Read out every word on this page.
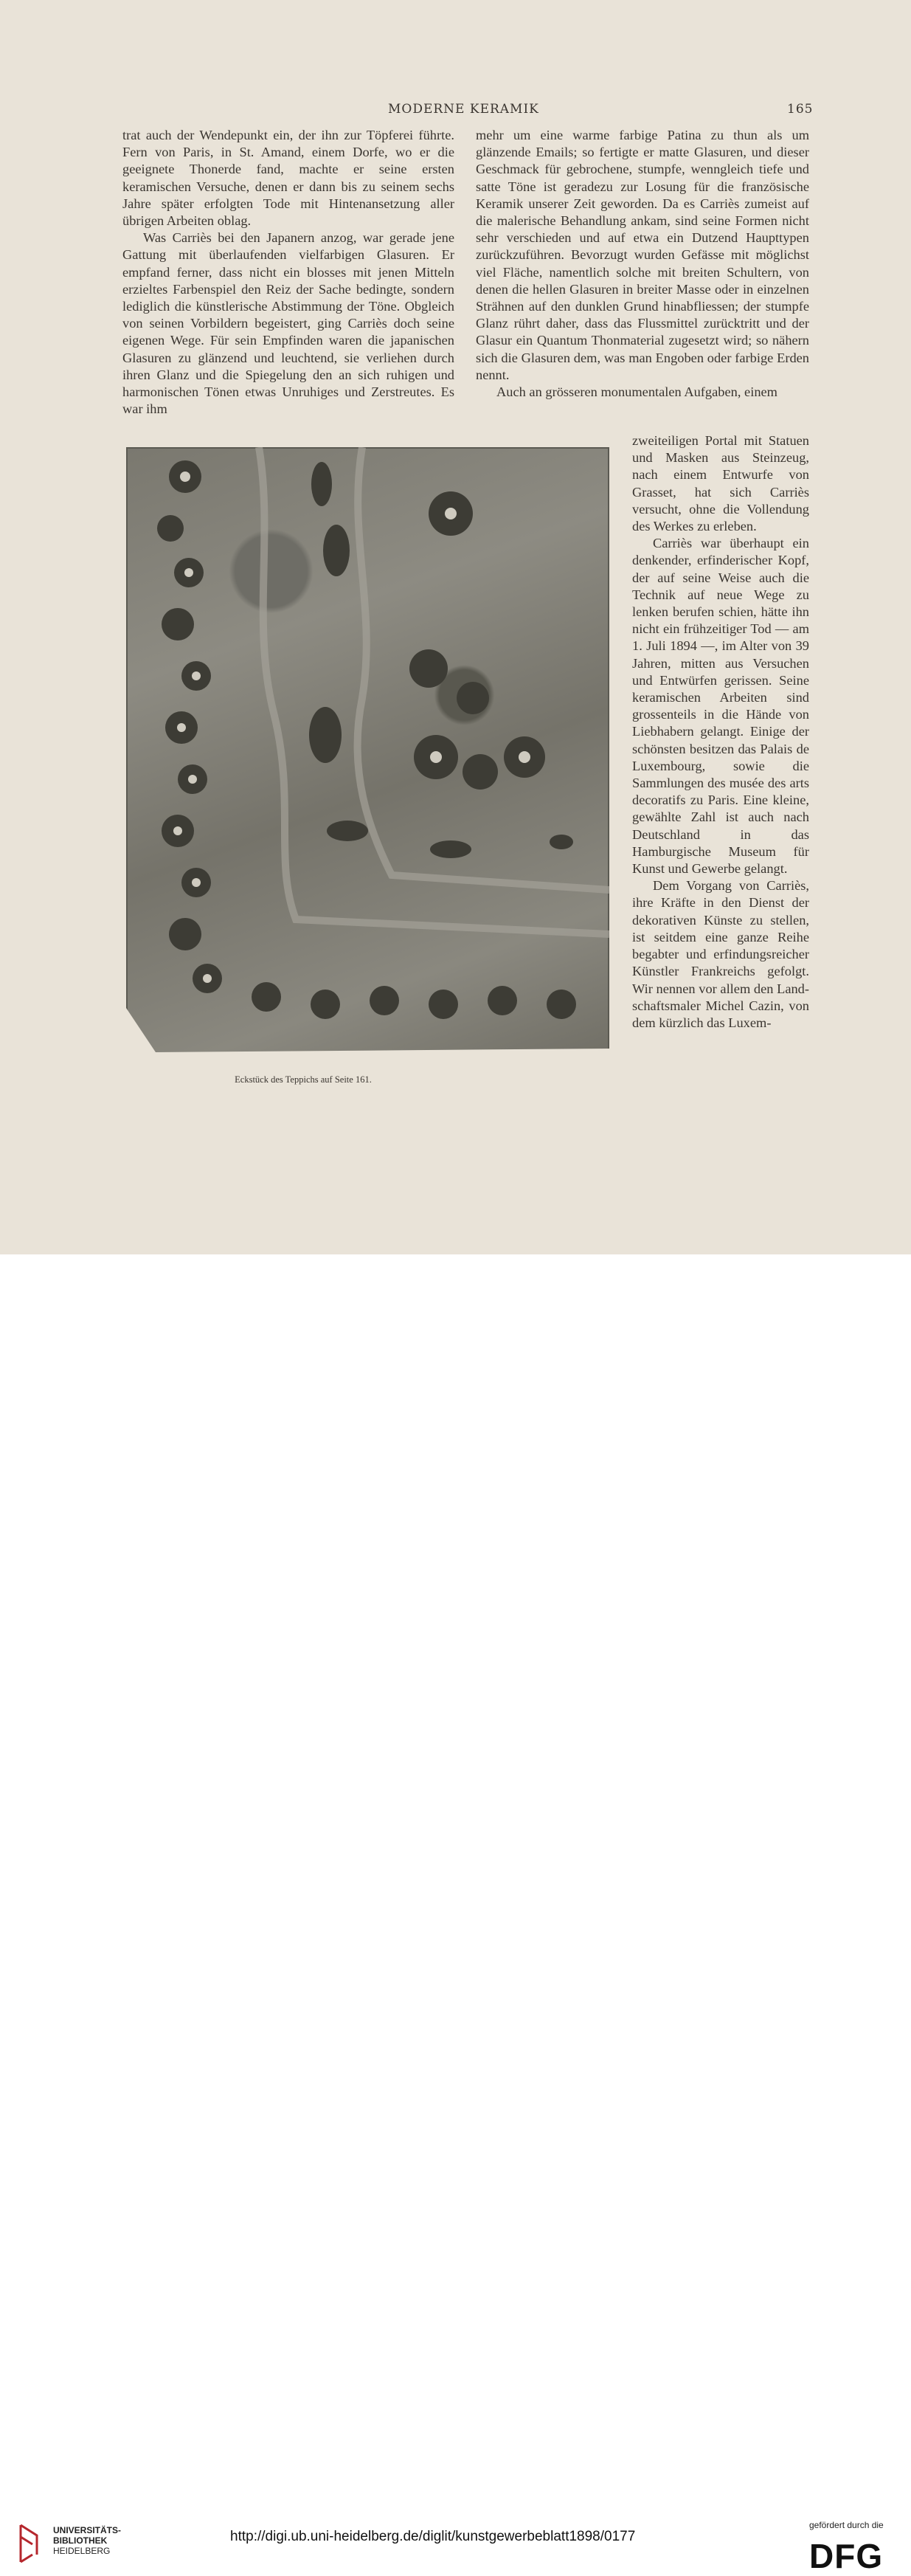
MODERNE KERAMIK	165

trat auch der Wendepunkt ein, der ihn zur Töpferei führte. Fern von Paris, in St. Amand, einem Dorfe, wo er die geeignete Thonerde fand, machte er seine ersten keramischen Versuche, denen er dann bis zu seinem sechs Jahre später erfolgten Tode mit Hintenansetzung aller übrigen Arbeiten oblag.

Was Carriès bei den Japanern anzog, war gerade jene Gattung mit überlaufenden vielfarbigen Glasuren. Er empfand ferner, dass nicht ein blosses mit jenen Mitteln erzieltes Farbenspiel den Reiz der Sache bedingte, sondern lediglich die künstlerische Abstimmung der Töne. Obgleich von seinen Vorbildern begeistert, ging Carriès doch seine eigenen Wege. Für sein Empfinden waren die japanischen Glasuren zu glänzend und leuchtend, sie verliehen durch ihren Glanz und die Spiegelung den an sich ruhigen und harmonischen Tönen etwas Unruhiges und Zerstreutes. Es war ihm

mehr um eine warme farbige Patina zu thun als um glänzende Emails; so fertigte er matte Glasuren, und dieser Geschmack für gebrochene, stumpfe, wenngleich tiefe und satte Töne ist geradezu zur Losung für die französische Keramik unserer Zeit geworden. Da es Carriès zumeist auf die malerische Behandlung ankam, sind seine Formen nicht sehr verschieden und auf etwa ein Dutzend Haupttypen zurückzuführen. Bevorzugt wurden Gefässe mit möglichst viel Fläche, namentlich solche mit breiten Schultern, von denen die hellen Glasuren in breiter Masse oder in einzelnen Strähnen auf den dunklen Grund hinabfliessen; der stumpfe Glanz rührt daher, dass das Flussmittel zurücktritt und der Glasur ein Quantum Thonmaterial zugesetzt wird; so nähern sich die Glasuren dem, was man Engoben oder farbige Erden nennt.

Auch an grösseren monumentalen Aufgaben, einem

zweiteiligen Portal mit Statuen und Masken aus Steinzeug, nach einem Entwurfe von Grasset, hat sich Carriès versucht, ohne die Vollendung des Werkes zu erleben.

Carriès war überhaupt ein denkender, erfinderischer Kopf, der auf seine Weise auch die Technik auf neue Wege zu lenken berufen schien, hätte ihn nicht ein frühzeitiger Tod — am 1. Juli 1894 —, im Alter von 39 Jahren, mitten aus Versuchen und Entwürfen gerissen. Seine keramischen Arbeiten sind grossenteils in die Hände von Liebhabern gelangt. Einige der schönsten besitzen das Palais de Luxembourg, sowie die Sammlungen des musée des arts decoratifs zu Paris. Eine kleine, gewählte Zahl ist auch nach Deutschland in das Hamburgische Museum für Kunst und Gewerbe gelangt.

Dem Vorgang von Carriès, ihre Kräfte in den Dienst der dekorativen Künste zu stellen, ist seitdem eine ganze Reihe begabter und erfindungsreicher Künstler Frankreichs gefolgt. Wir nennen vor allem den Landschaftsmaler Michel Cazin, von dem kürzlich das Luxem-

Eckstück des Teppichs auf Seite 161.
UNIVERSITÄTS-
BIBLIOTHEK
HEIDELBERG
http://digi.ub.uni-heidelberg.de/diglit/kunstgewerbeblatt1898/0177
gefördert durch die
DFG
